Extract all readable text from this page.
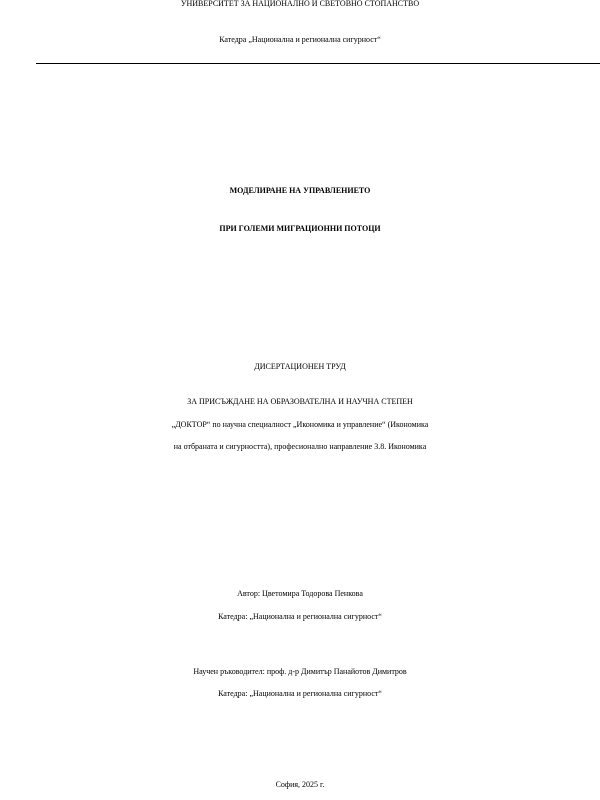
УНИВЕРСИТЕТ ЗА НАЦИОНАЛНО И СВЕТОВНО СТОПАНСТВО
Катедра „Национална и регионална сигурност“
МОДЕЛИРАНЕ НА УПРАВЛЕНИЕТО
ПРИ ГОЛЕМИ МИГРАЦИОННИ ПОТОЦИ
ДИСЕРТАЦИОНЕН ТРУД
ЗА ПРИСЪЖДАНЕ НА ОБРАЗОВАТЕЛНА И НАУЧНА СТЕПЕН
„ДОКТОР“ по научна специалност „Икономика и управление“ (Икономика
на отбраната и сигурността), професионално направление 3.8. Икономика
Автор: Цветомира Тодорова Пенкова
Катедра: „Национална и регионална сигурност“
Научен ръководител: проф. д-р Димитър Панайотов Димитров
Катедра: „Национална и регионална сигурност“
София, 2025 г.
